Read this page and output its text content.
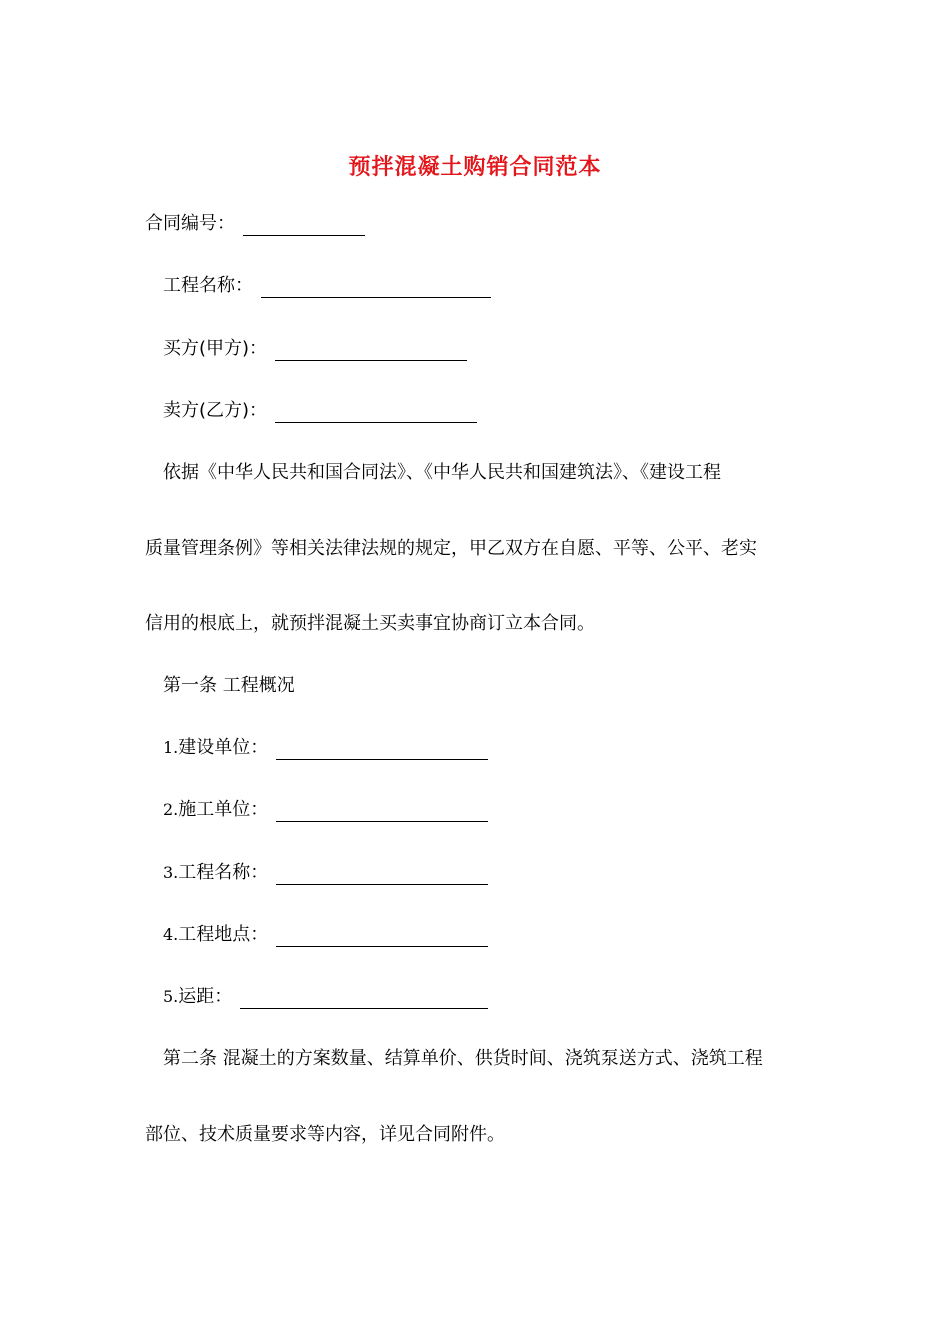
预拌混凝土购销合同范本
合同编号：
工程名称：
买方(甲方)：
卖方(乙方)：
依据《中华人民共和国合同法》、《中华人民共和国建筑法》、《建设工程
质量管理条例》等相关法律法规的规定，甲乙双方在自愿、平等、公平、老实
信用的根底上，就预拌混凝土买卖事宜协商订立本合同。
第一条 工程概况
1.建设单位：
2.施工单位：
3.工程名称：
4.工程地点：
5.运距：
第二条 混凝土的方案数量、结算单价、供货时间、浇筑泵送方式、浇筑工程
部位、技术质量要求等内容，详见合同附件。
